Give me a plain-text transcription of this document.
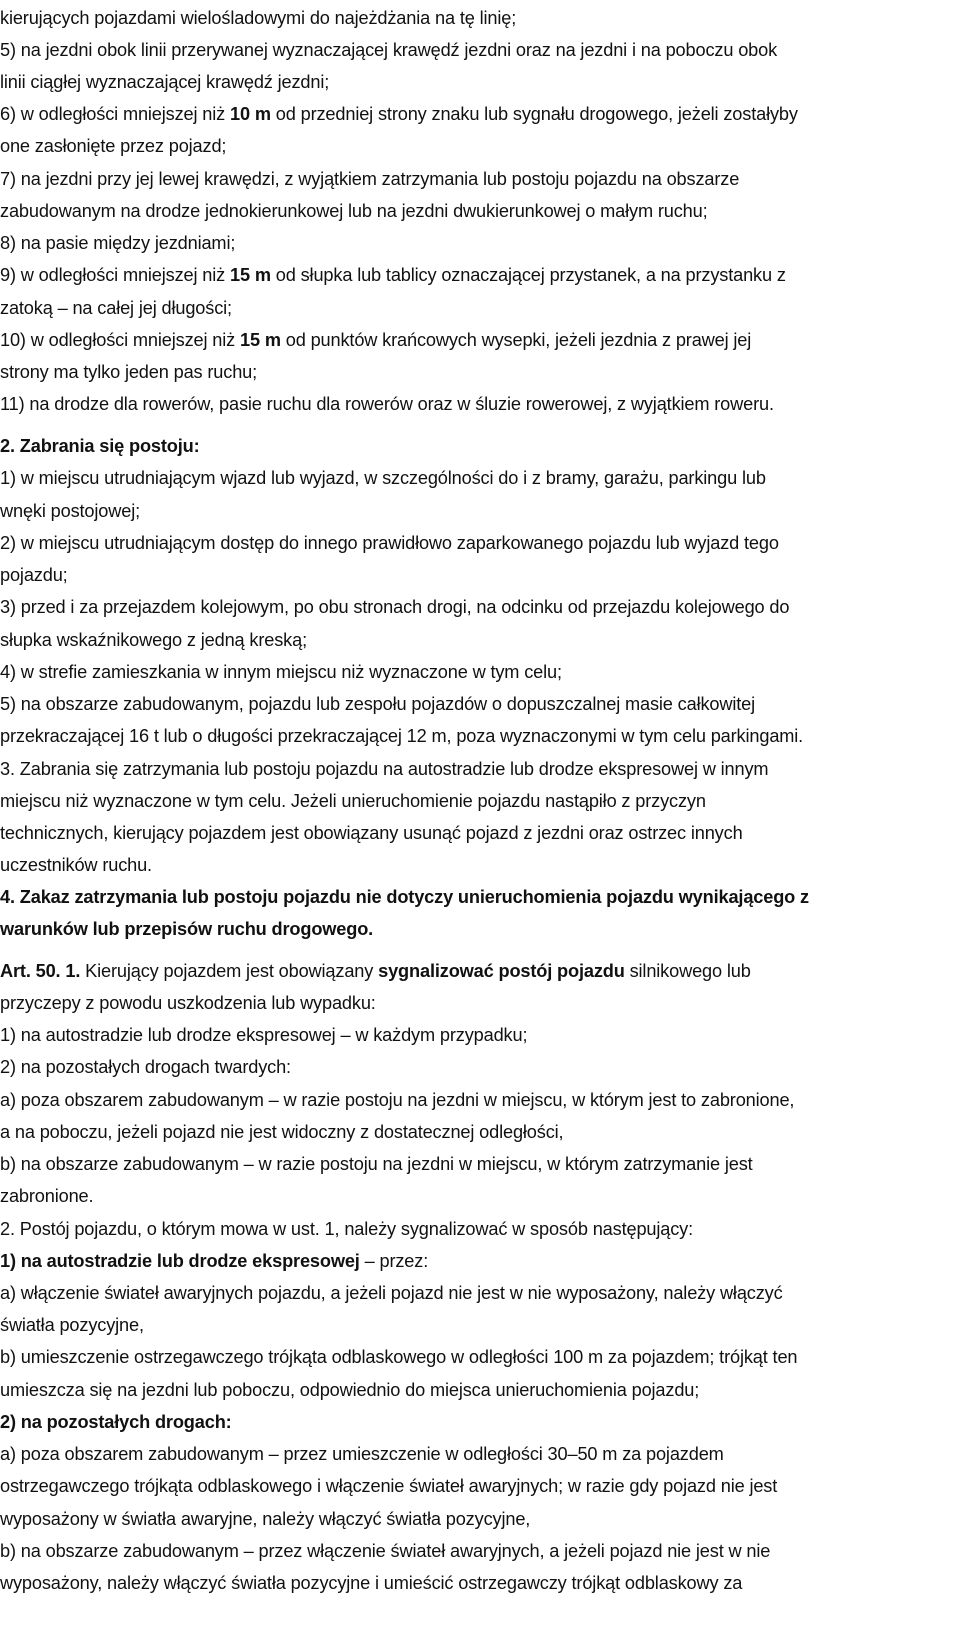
kierujących pojazdami wielośladowymi do najeżdżania na tę linię;
5) na jezdni obok linii przerywanej wyznaczającej krawędź jezdni oraz na jezdni i na poboczu obok
linii ciągłej wyznaczającej krawędź jezdni;
6) w odległości mniejszej niż 10 m od przedniej strony znaku lub sygnału drogowego, jeżeli zostałyby
one zasłonięte przez pojazd;
7) na jezdni przy jej lewej krawędzi, z wyjątkiem zatrzymania lub postoju pojazdu na obszarze
zabudowanym na drodze jednokierunkowej lub na jezdni dwukierunkowej o małym ruchu;
8) na pasie między jezdniami;
9) w odległości mniejszej niż 15 m od słupka lub tablicy oznaczającej przystanek, a na przystanku z
zatoką – na całej jej długości;
10) w odległości mniejszej niż 15 m od punktów krańcowych wysepki, jeżeli jezdnia z prawej jej
strony ma tylko jeden pas ruchu;
11) na drodze dla rowerów, pasie ruchu dla rowerów oraz w śluzie rowerowej, z wyjątkiem roweru.
2. Zabrania się postoju:
1) w miejscu utrudniającym wjazd lub wyjazd, w szczególności do i z bramy, garażu, parkingu lub
wnęki postojowej;
2) w miejscu utrudniającym dostęp do innego prawidłowo zaparkowanego pojazdu lub wyjazd tego
pojazdu;
3) przed i za przejazdem kolejowym, po obu stronach drogi, na odcinku od przejazdu kolejowego do
słupka wskaźnikowego z jedną kreską;
4) w strefie zamieszkania w innym miejscu niż wyznaczone w tym celu;
5) na obszarze zabudowanym, pojazdu lub zespołu pojazdów o dopuszczalnej masie całkowitej
przekraczającej 16 t lub o długości przekraczającej 12 m, poza wyznaczonymi w tym celu parkingami.
3. Zabrania się zatrzymania lub postoju pojazdu na autostradzie lub drodze ekspresowej w innym
miejscu niż wyznaczone w tym celu. Jeżeli unieruchomienie pojazdu nastąpiło z przyczyn
technicznych, kierujący pojazdem jest obowiązany usunąć pojazd z jezdni oraz ostrzec innych
uczestników ruchu.
4. Zakaz zatrzymania lub postoju pojazdu nie dotyczy unieruchomienia pojazdu wynikającego z
warunków lub przepisów ruchu drogowego.
Art. 50. 1. Kierujący pojazdem jest obowiązany sygnalizować postój pojazdu silnikowego lub
przyczepy z powodu uszkodzenia lub wypadku:
1) na autostradzie lub drodze ekspresowej – w każdym przypadku;
2) na pozostałych drogach twardych:
a) poza obszarem zabudowanym – w razie postoju na jezdni w miejscu, w którym jest to zabronione,
a na poboczu, jeżeli pojazd nie jest widoczny z dostatecznej odległości,
b) na obszarze zabudowanym – w razie postoju na jezdni w miejscu, w którym zatrzymanie jest
zabronione.
2. Postój pojazdu, o którym mowa w ust. 1, należy sygnalizować w sposób następujący:
1) na autostradzie lub drodze ekspresowej – przez:
a) włączenie świateł awaryjnych pojazdu, a jeżeli pojazd nie jest w nie wyposażony, należy włączyć
światła pozycyjne,
b) umieszczenie ostrzegawczego trójkąta odblaskowego w odległości 100 m za pojazdem; trójkąt ten
umieszcza się na jezdni lub poboczu, odpowiednio do miejsca unieruchomienia pojazdu;
2) na pozostałych drogach:
a) poza obszarem zabudowanym – przez umieszczenie w odległości 30–50 m za pojazdem
ostrzegawczego trójkąta odblaskowego i włączenie świateł awaryjnych; w razie gdy pojazd nie jest
wyposażony w światła awaryjne, należy włączyć światła pozycyjne,
b) na obszarze zabudowanym – przez włączenie świateł awaryjnych, a jeżeli pojazd nie jest w nie
wyposażony, należy włączyć światła pozycyjne i umieścić ostrzegawczy trójkąt odblaskowy za
